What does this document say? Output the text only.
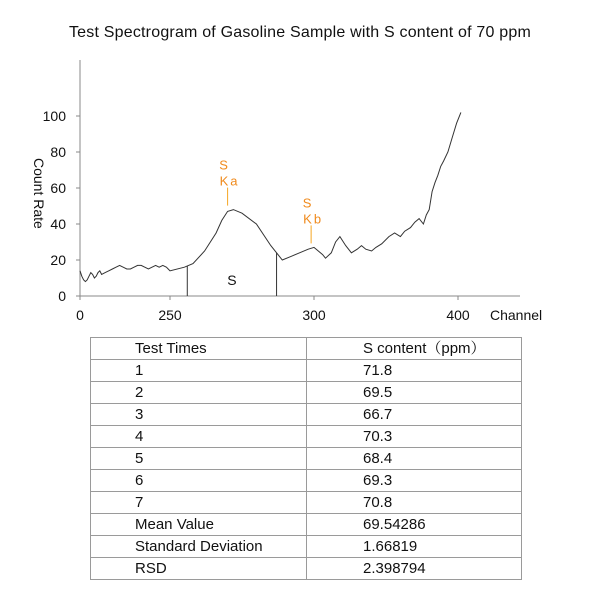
Test Spectrogram of Gasoline Sample with S content of 70 ppm
0
20
40
60
80
100
0	250	300	400
S
S
Ka
S
Kb
Channel
Count Rate
Test Times	S content（ppm）
1	71.8
2	69.5
3	66.7
4	70.3
5	68.4
6	69.3
7	70.8
Mean Value	69.54286
Standard Deviation	1.66819
RSD	2.398794
